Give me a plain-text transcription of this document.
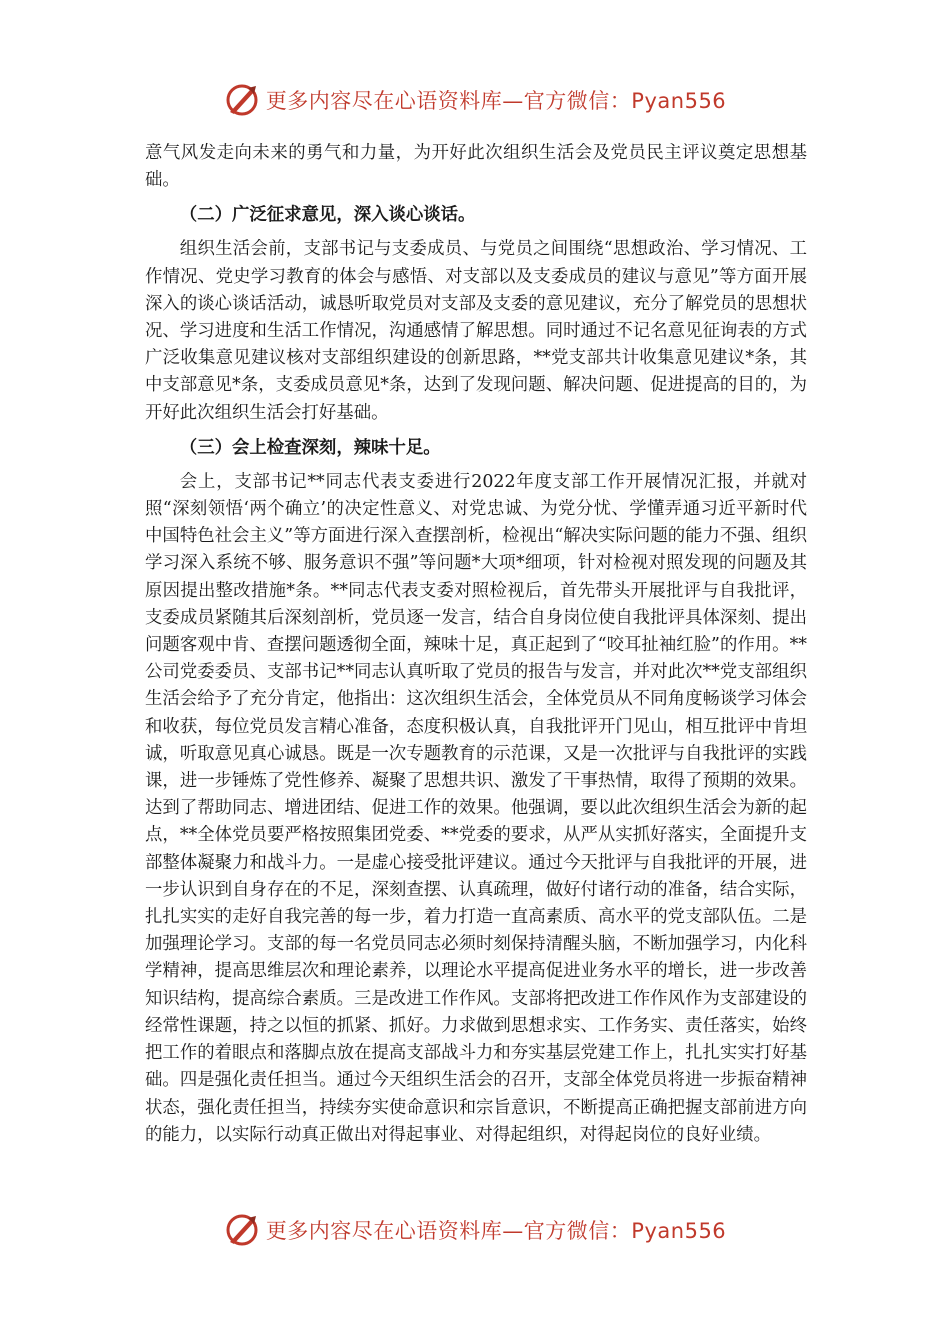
更多内容尽在心语资料库—官方微信：Pyan556

意气风发走向未来的勇气和力量，为开好此次组织生活会及党员民主评议奠定思想基础。

（二）广泛征求意见，深入谈心谈话。

组织生活会前，支部书记与支委成员、与党员之间围绕“思想政治、学习情况、工作情况、党史学习教育的体会与感悟、对支部以及支委成员的建议与意见”等方面开展深入的谈心谈话活动，诚恳听取党员对支部及支委的意见建议，充分了解党员的思想状况、学习进度和生活工作情况，沟通感情了解思想。同时通过不记名意见征询表的方式广泛收集意见建议核对支部组织建设的创新思路，**党支部共计收集意见建议*条，其中支部意见*条，支委成员意见*条，达到了发现问题、解决问题、促进提高的目的，为开好此次组织生活会打好基础。

（三）会上检查深刻，辣味十足。

会上，支部书记**同志代表支委进行2022年度支部工作开展情况汇报，并就对照“深刻领悟‘两个确立’的决定性意义、对党忠诚、为党分忧、学懂弄通习近平新时代中国特色社会主义”等方面进行深入查摆剖析，检视出“解决实际问题的能力不强、组织学习深入系统不够、服务意识不强”等问题*大项*细项，针对检视对照发现的问题及其原因提出整改措施*条。**同志代表支委对照检视后，首先带头开展批评与自我批评，支委成员紧随其后深刻剖析，党员逐一发言，结合自身岗位使自我批评具体深刻、提出问题客观中肯、查摆问题透彻全面，辣味十足，真正起到了“咬耳扯袖红脸”的作用。**公司党委委员、支部书记**同志认真听取了党员的报告与发言，并对此次**党支部组织生活会给予了充分肯定，他指出：这次组织生活会，全体党员从不同角度畅谈学习体会和收获，每位党员发言精心准备，态度积极认真，自我批评开门见山，相互批评中肯坦诚，听取意见真心诚恳。既是一次专题教育的示范课，又是一次批评与自我批评的实践课，进一步锤炼了党性修养、凝聚了思想共识、激发了干事热情，取得了预期的效果。达到了帮助同志、增进团结、促进工作的效果。他强调，要以此次组织生活会为新的起点，**全体党员要严格按照集团党委、**党委的要求，从严从实抓好落实，全面提升支部整体凝聚力和战斗力。一是虚心接受批评建议。通过今天批评与自我批评的开展，进一步认识到自身存在的不足，深刻查摆、认真疏理，做好付诸行动的准备，结合实际，扎扎实实的走好自我完善的每一步，着力打造一直高素质、高水平的党支部队伍。二是加强理论学习。支部的每一名党员同志必须时刻保持清醒头脑，不断加强学习，内化科学精神，提高思维层次和理论素养，以理论水平提高促进业务水平的增长，进一步改善知识结构，提高综合素质。三是改进工作作风。支部将把改进工作作风作为支部建设的经常性课题，持之以恒的抓紧、抓好。力求做到思想求实、工作务实、责任落实，始终把工作的着眼点和落脚点放在提高支部战斗力和夯实基层党建工作上，扎扎实实打好基础。四是强化责任担当。通过今天组织生活会的召开，支部全体党员将进一步振奋精神状态，强化责任担当，持续夯实使命意识和宗旨意识，不断提高正确把握支部前进方向的能力，以实际行动真正做出对得起事业、对得起组织，对得起岗位的良好业绩。

更多内容尽在心语资料库—官方微信：Pyan556
